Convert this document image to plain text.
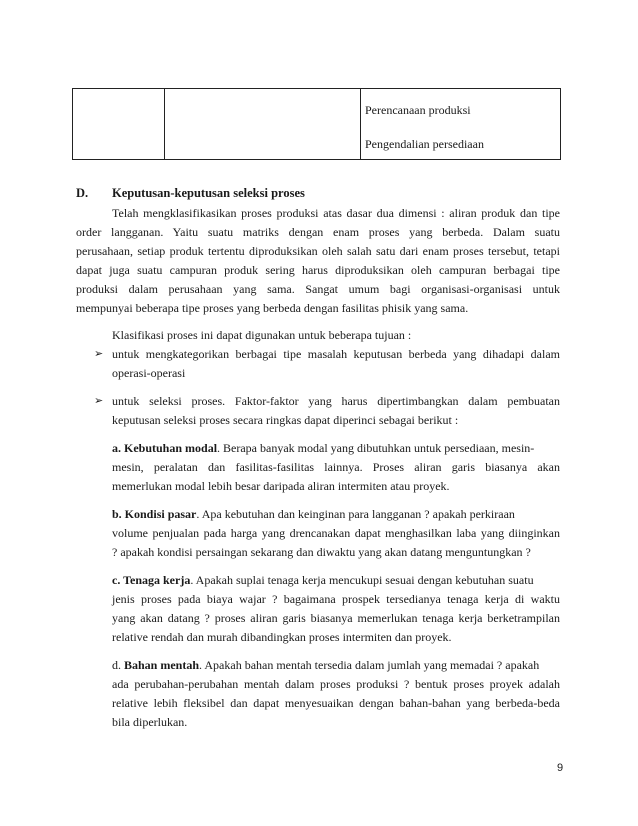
Perencanaan produksi

Pengendalian persediaan

D. Keputusan-keputusan seleksi proses
Telah mengklasifikasikan proses produksi atas dasar dua dimensi : aliran produk dan tipe
order langganan. Yaitu suatu matriks dengan enam proses yang berbeda. Dalam suatu
perusahaan, setiap produk tertentu diproduksikan oleh salah satu dari enam proses tersebut, tetapi
dapat juga suatu campuran produk sering harus diproduksikan oleh campuran berbagai tipe
produksi dalam perusahaan yang sama. Sangat umum bagi organisasi-organisasi untuk
mempunyai beberapa tipe proses yang berbeda dengan fasilitas phisik yang sama.
Klasifikasi proses ini dapat digunakan untuk beberapa tujuan :
➢ untuk mengkategorikan berbagai tipe masalah keputusan berbeda yang dihadapi dalam
operasi-operasi
➢ untuk seleksi proses. Faktor-faktor yang harus dipertimbangkan dalam pembuatan
keputusan seleksi proses secara ringkas dapat diperinci sebagai berikut :
a. Kebutuhan modal. Berapa banyak modal yang dibutuhkan untuk persediaan, mesin-
mesin, peralatan dan fasilitas-fasilitas lainnya. Proses aliran garis biasanya akan
memerlukan modal lebih besar daripada aliran intermiten atau proyek.
b. Kondisi pasar. Apa kebutuhan dan keinginan para langganan ? apakah perkiraan
volume penjualan pada harga yang drencanakan dapat menghasilkan laba yang diinginkan
? apakah kondisi persaingan sekarang dan diwaktu yang akan datang menguntungkan ?
c. Tenaga kerja. Apakah suplai tenaga kerja mencukupi sesuai dengan kebutuhan suatu
jenis proses pada biaya wajar ? bagaimana prospek tersedianya tenaga kerja di waktu
yang akan datang ? proses aliran garis biasanya memerlukan tenaga kerja berketrampilan
relative rendah dan murah dibandingkan proses intermiten dan proyek.
d. Bahan mentah. Apakah bahan mentah tersedia dalam jumlah yang memadai ? apakah
ada perubahan-perubahan mentah dalam proses produksi ? bentuk proses proyek adalah
relative lebih fleksibel dan dapat menyesuaikan dengan bahan-bahan yang berbeda-beda
bila diperlukan.
9
